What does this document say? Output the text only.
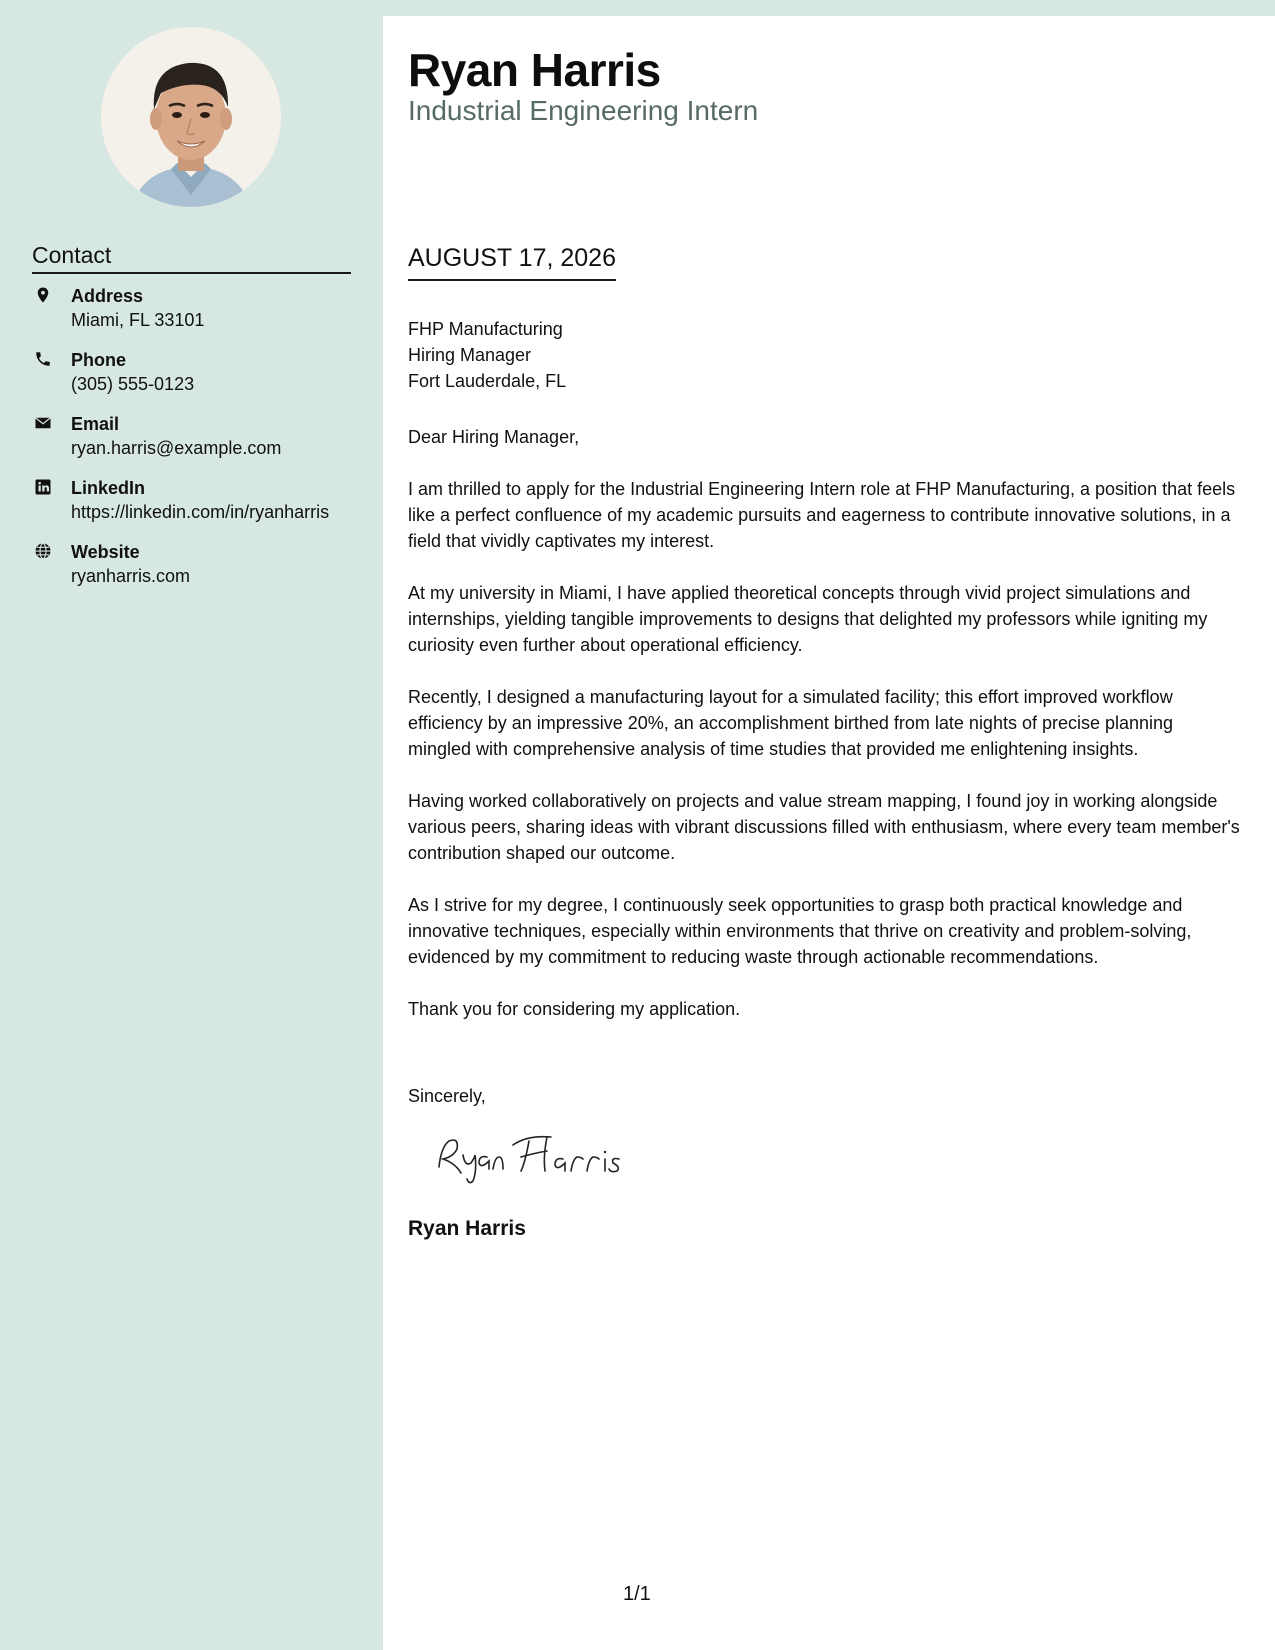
Contact
Address
Miami, FL 33101
Phone
(305) 555-0123
Email
ryan.harris@example.com
LinkedIn
https://linkedin.com/in/ryanharris
Website
ryanharris.com
Ryan Harris
Industrial Engineering Intern
AUGUST 17, 2026
FHP Manufacturing
Hiring Manager
Fort Lauderdale, FL

Dear Hiring Manager,

I am thrilled to apply for the Industrial Engineering Intern role at FHP Manufacturing, a position that feels like a perfect confluence of my academic pursuits and eagerness to contribute innovative solutions, in a field that vividly captivates my interest.

At my university in Miami, I have applied theoretical concepts through vivid project simulations and internships, yielding tangible improvements to designs that delighted my professors while igniting my curiosity even further about operational efficiency.

Recently, I designed a manufacturing layout for a simulated facility; this effort improved workflow efficiency by an impressive 20%, an accomplishment birthed from late nights of precise planning mingled with comprehensive analysis of time studies that provided me enlightening insights.

Having worked collaboratively on projects and value stream mapping, I found joy in working alongside various peers, sharing ideas with vibrant discussions filled with enthusiasm, where every team member's contribution shaped our outcome.

As I strive for my degree, I continuously seek opportunities to grasp both practical knowledge and innovative techniques, especially within environments that thrive on creativity and problem-solving, evidenced by my commitment to reducing waste through actionable recommendations.

Thank you for considering my application.

Sincerely,
Ryan Harris
1/1
